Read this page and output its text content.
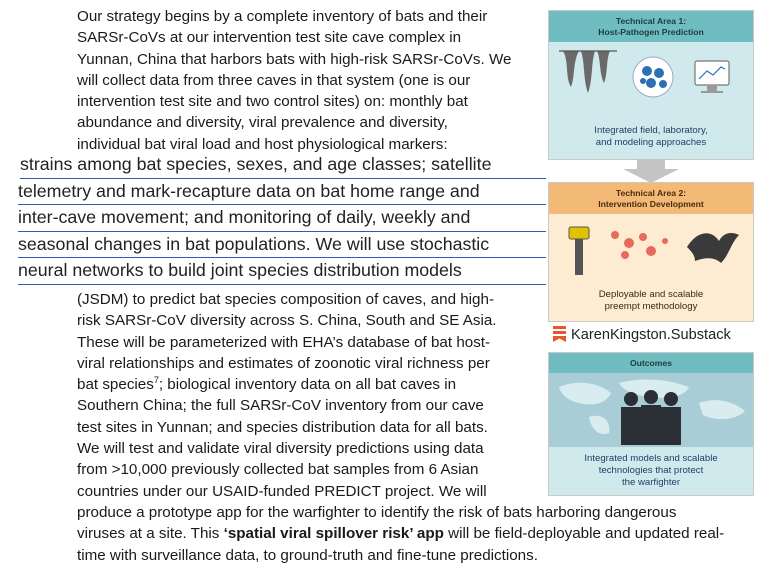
Our strategy begins by a complete inventory of bats and their
SARSr-CoVs at our intervention test site cave complex in
Yunnan, China that harbors bats with high-risk SARSr-CoVs. We
will collect data from three caves in that system (one is our
intervention test site and two control sites) on: monthly bat
abundance and diversity, viral prevalence and diversity,
individual bat viral load and host physiological markers:
strains among bat species, sexes, and age classes; satellite
telemetry and mark-recapture data on bat home range and
inter-cave movement; and monitoring of daily, weekly and
seasonal changes in bat populations. We will use stochastic
neural networks to build joint species distribution models
(JSDM) to predict bat species composition of caves, and high-
risk SARSr-CoV diversity across S. China, South and SE Asia.
These will be parameterized with EHA’s database of bat host-
viral relationships and estimates of zoonotic viral richness per
bat species$^7$; biological inventory data on all bat caves in
Southern China; the full SARSr-CoV inventory from our cave
test sites in Yunnan; and species distribution data for all bats.
We will test and validate viral diversity predictions using data
from >10,000 previously collected bat samples from 6 Asian
countries under our USAID-funded PREDICT project. We will
produce a prototype app for the warfighter to identify the risk of bats harboring dangerous
viruses at a site. This ‘spatial viral spillover risk’ app will be field-deployable and updated real-
time with surveillance data, to ground-truth and fine-tune predictions.
Technical Area 1:
Host-Pathogen Prediction
Integrated field, laboratory,
and modeling approaches
Technical Area 2:
Intervention Development
Deployable and scalable
preempt methodology
KarenKingston.Substack
Outcomes
Integrated models and scalable
technologies that protect
the warfighter
